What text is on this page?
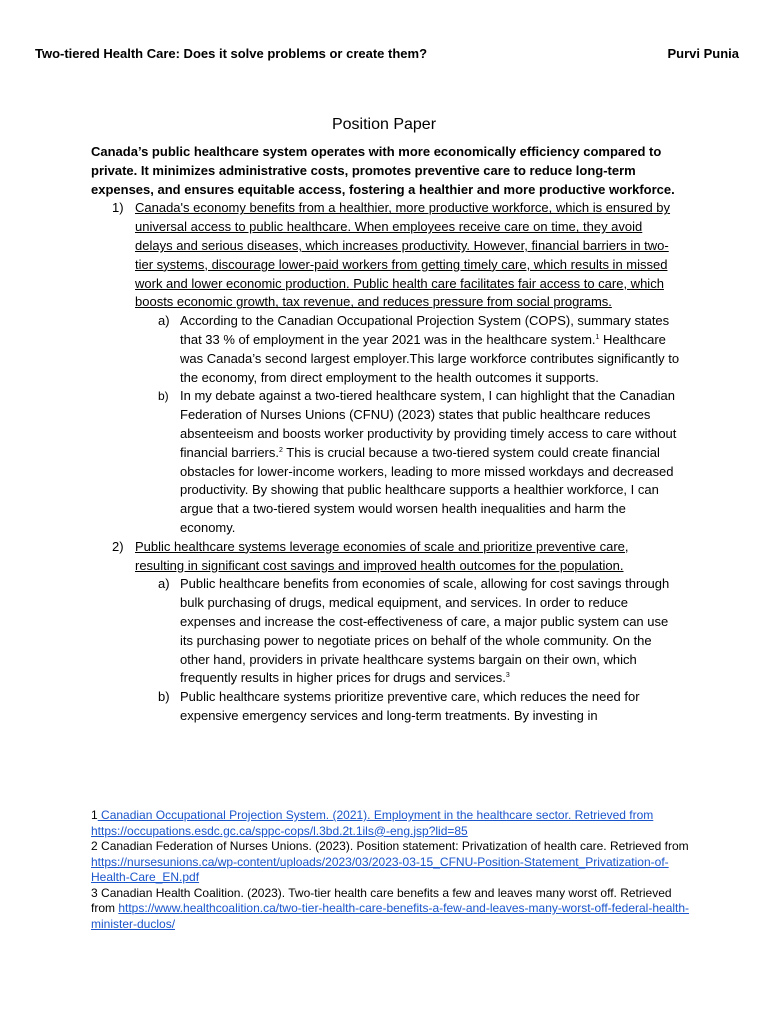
Two-tiered Health Care: Does it solve problems or create them?	Purvi Punia
Position Paper

Canada’s public healthcare system operates with more economically efficiency compared to private. It minimizes administrative costs, promotes preventive care to reduce long-term expenses, and ensures equitable access, fostering a healthier and more productive workforce.

1) Canada's economy benefits from a healthier, more productive workforce, which is ensured by universal access to public healthcare. When employees receive care on time, they avoid delays and serious diseases, which increases productivity. However, financial barriers in two-tier systems, discourage lower-paid workers from getting timely care, which results in missed work and lower economic production. Public health care facilitates fair access to care, which boosts economic growth, tax revenue, and reduces pressure from social programs.
a) According to the Canadian Occupational Projection System (COPS), summary states that 33 % of employment in the year 2021 was in the healthcare system.$^1$ Healthcare was Canada’s second largest employer.This large workforce contributes significantly to the economy, from direct employment to the health outcomes it supports.
b) In my debate against a two-tiered healthcare system, I can highlight that the Canadian Federation of Nurses Unions (CFNU) (2023) states that public healthcare reduces absenteeism and boosts worker productivity by providing timely access to care without financial barriers.$^2$ This is crucial because a two-tiered system could create financial obstacles for lower-income workers, leading to more missed workdays and decreased productivity. By showing that public healthcare supports a healthier workforce, I can argue that a two-tiered system would worsen health inequalities and harm the economy.
2) Public healthcare systems leverage economies of scale and prioritize preventive care, resulting in significant cost savings and improved health outcomes for the population.
a) Public healthcare benefits from economies of scale, allowing for cost savings through bulk purchasing of drugs, medical equipment, and services. In order to reduce expenses and increase the cost-effectiveness of care, a major public system can use its purchasing power to negotiate prices on behalf of the whole community. On the other hand, providers in private healthcare systems bargain on their own, which frequently results in higher prices for drugs and services.$^3$
b) Public healthcare systems prioritize preventive care, which reduces the need for expensive emergency services and long-term treatments. By investing in

1 Canadian Occupational Projection System. (2021). Employment in the healthcare sector. Retrieved from https://occupations.esdc.gc.ca/sppc-cops/l.3bd.2t.1ils@-eng.jsp?lid=85

2 Canadian Federation of Nurses Unions. (2023). Position statement: Privatization of health care. Retrieved from https://nursesunions.ca/wp-content/uploads/2023/03/2023-03-15_CFNU-Position-Statement_Privatization-of-Health-Care_EN.pdf

3 Canadian Health Coalition. (2023). Two-tier health care benefits a few and leaves many worst off. Retrieved from https://www.healthcoalition.ca/two-tier-health-care-benefits-a-few-and-leaves-many-worst-off-federal-health-minister-duclos/
